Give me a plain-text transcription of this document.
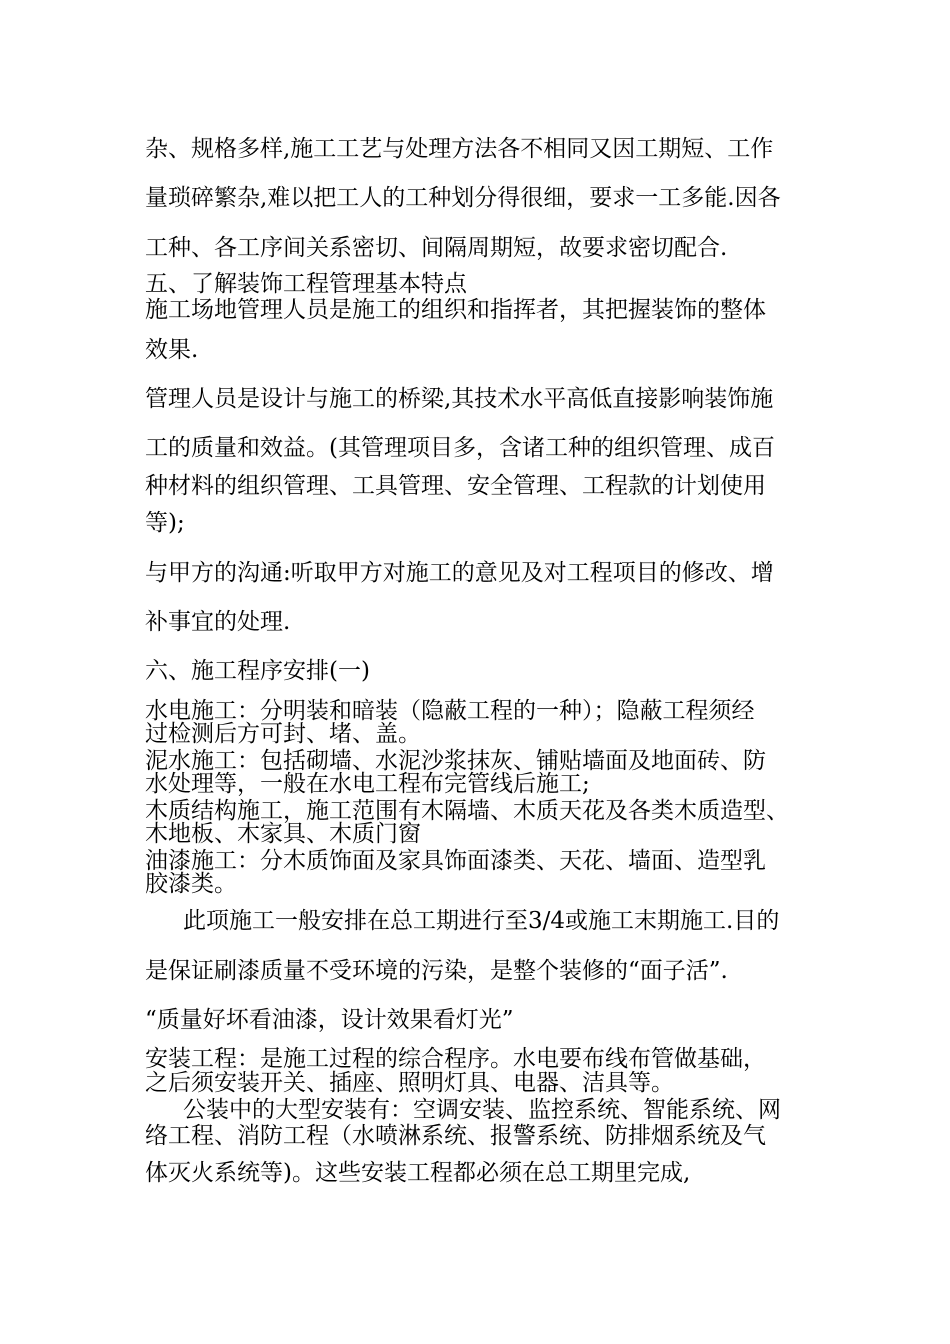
杂、规格多样,施工工艺与处理方法各不相同又因工期短、工作

量琐碎繁杂,难以把工人的工种划分得很细，要求一工多能.因各

工种、各工序间关系密切、间隔周期短，故要求密切配合.

五、了解装饰工程管理基本特点

施工场地管理人员是施工的组织和指挥者，其把握装饰的整体

效果.

管理人员是设计与施工的桥梁,其技术水平高低直接影响装饰施

工的质量和效益。(其管理项目多，含诸工种的组织管理、成百

种材料的组织管理、工具管理、安全管理、工程款的计划使用

等);

与甲方的沟通:听取甲方对施工的意见及对工程项目的修改、增

补事宜的处理.

六、施工程序安排(一)

水电施工：分明装和暗装（隐蔽工程的一种）；隐蔽工程须经

过检测后方可封、堵、盖。

泥水施工：包括砌墙、水泥沙浆抹灰、铺贴墙面及地面砖、防

水处理等，一般在水电工程布完管线后施工;

木质结构施工，施工范围有木隔墙、木质天花及各类木质造型、

木地板、木家具、木质门窗

油漆施工：分木质饰面及家具饰面漆类、天花、墙面、造型乳

胶漆类。

此项施工一般安排在总工期进行至3/4或施工末期施工.目的

是保证刷漆质量不受环境的污染，是整个装修的“面子活”.

“质量好坏看油漆，设计效果看灯光”

安装工程：是施工过程的综合程序。水电要布线布管做基础，

之后须安装开关、插座、照明灯具、电器、洁具等。

公装中的大型安装有：空调安装、监控系统、智能系统、网

络工程、消防工程（水喷淋系统、报警系统、防排烟系统及气

体灭火系统等)。这些安装工程都必须在总工期里完成,
